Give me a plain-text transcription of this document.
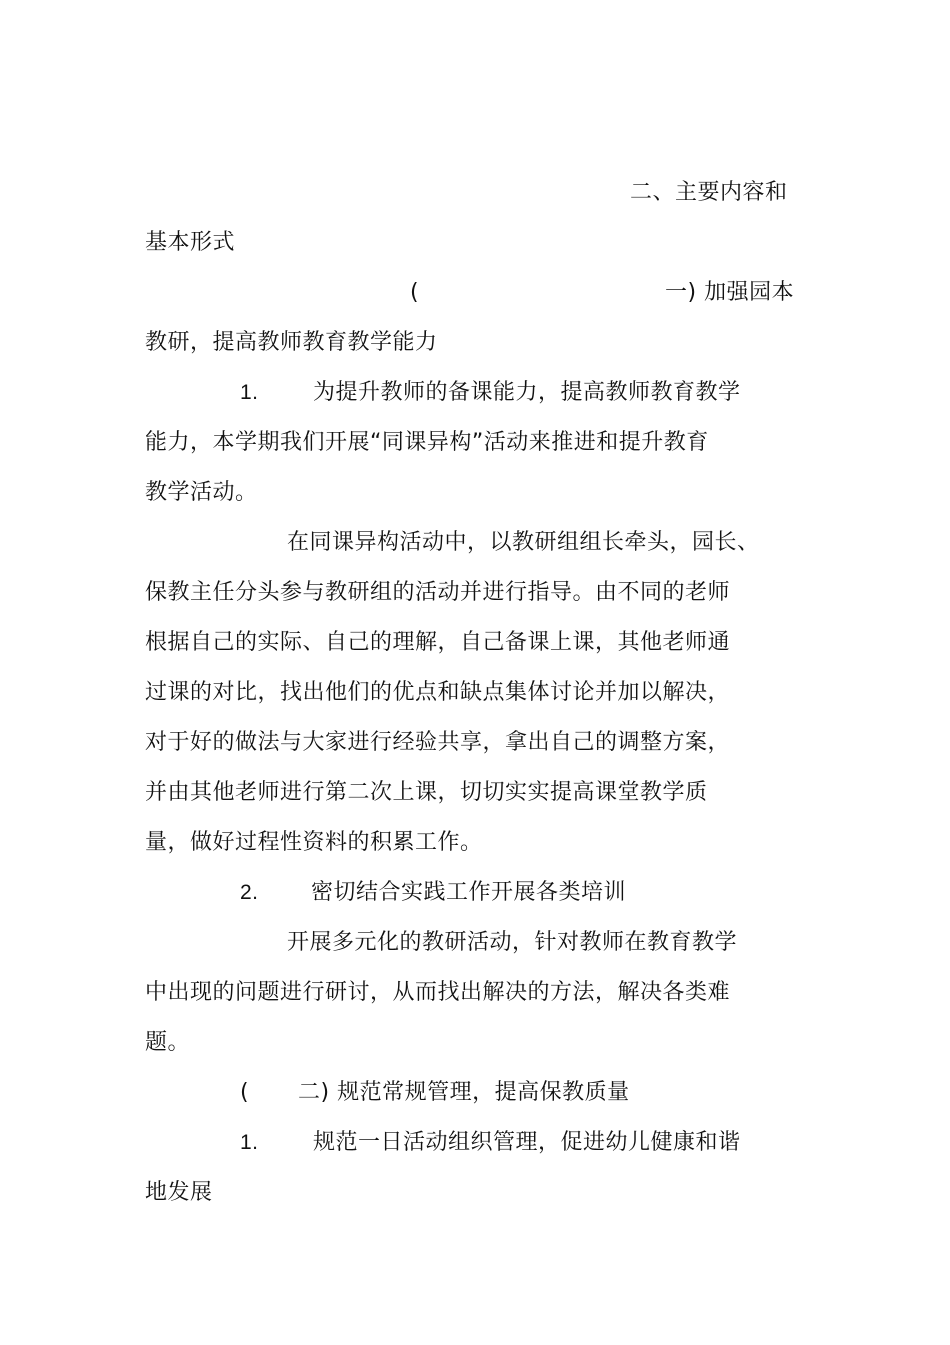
二、主要内容和
基本形式
(	一) 加强园本
教研，提高教师教育教学能力
1. 为提升教师的备课能力，提高教师教育教学
能力，本学期我们开展“同课异构”活动来推进和提升教育
教学活动。
在同课异构活动中，以教研组组长牵头，园长、
保教主任分头参与教研组的活动并进行指导。由不同的老师
根据自己的实际、自己的理解，自己备课上课，其他老师通
过课的对比，找出他们的优点和缺点集体讨论并加以解决，
对于好的做法与大家进行经验共享，拿出自己的调整方案，
并由其他老师进行第二次上课，切切实实提高课堂教学质
量，做好过程性资料的积累工作。
2. 密切结合实践工作开展各类培训
开展多元化的教研活动，针对教师在教育教学
中出现的问题进行研讨，从而找出解决的方法，解决各类难
题。
( 二) 规范常规管理，提高保教质量
1. 规范一日活动组织管理，促进幼儿健康和谐
地发展
